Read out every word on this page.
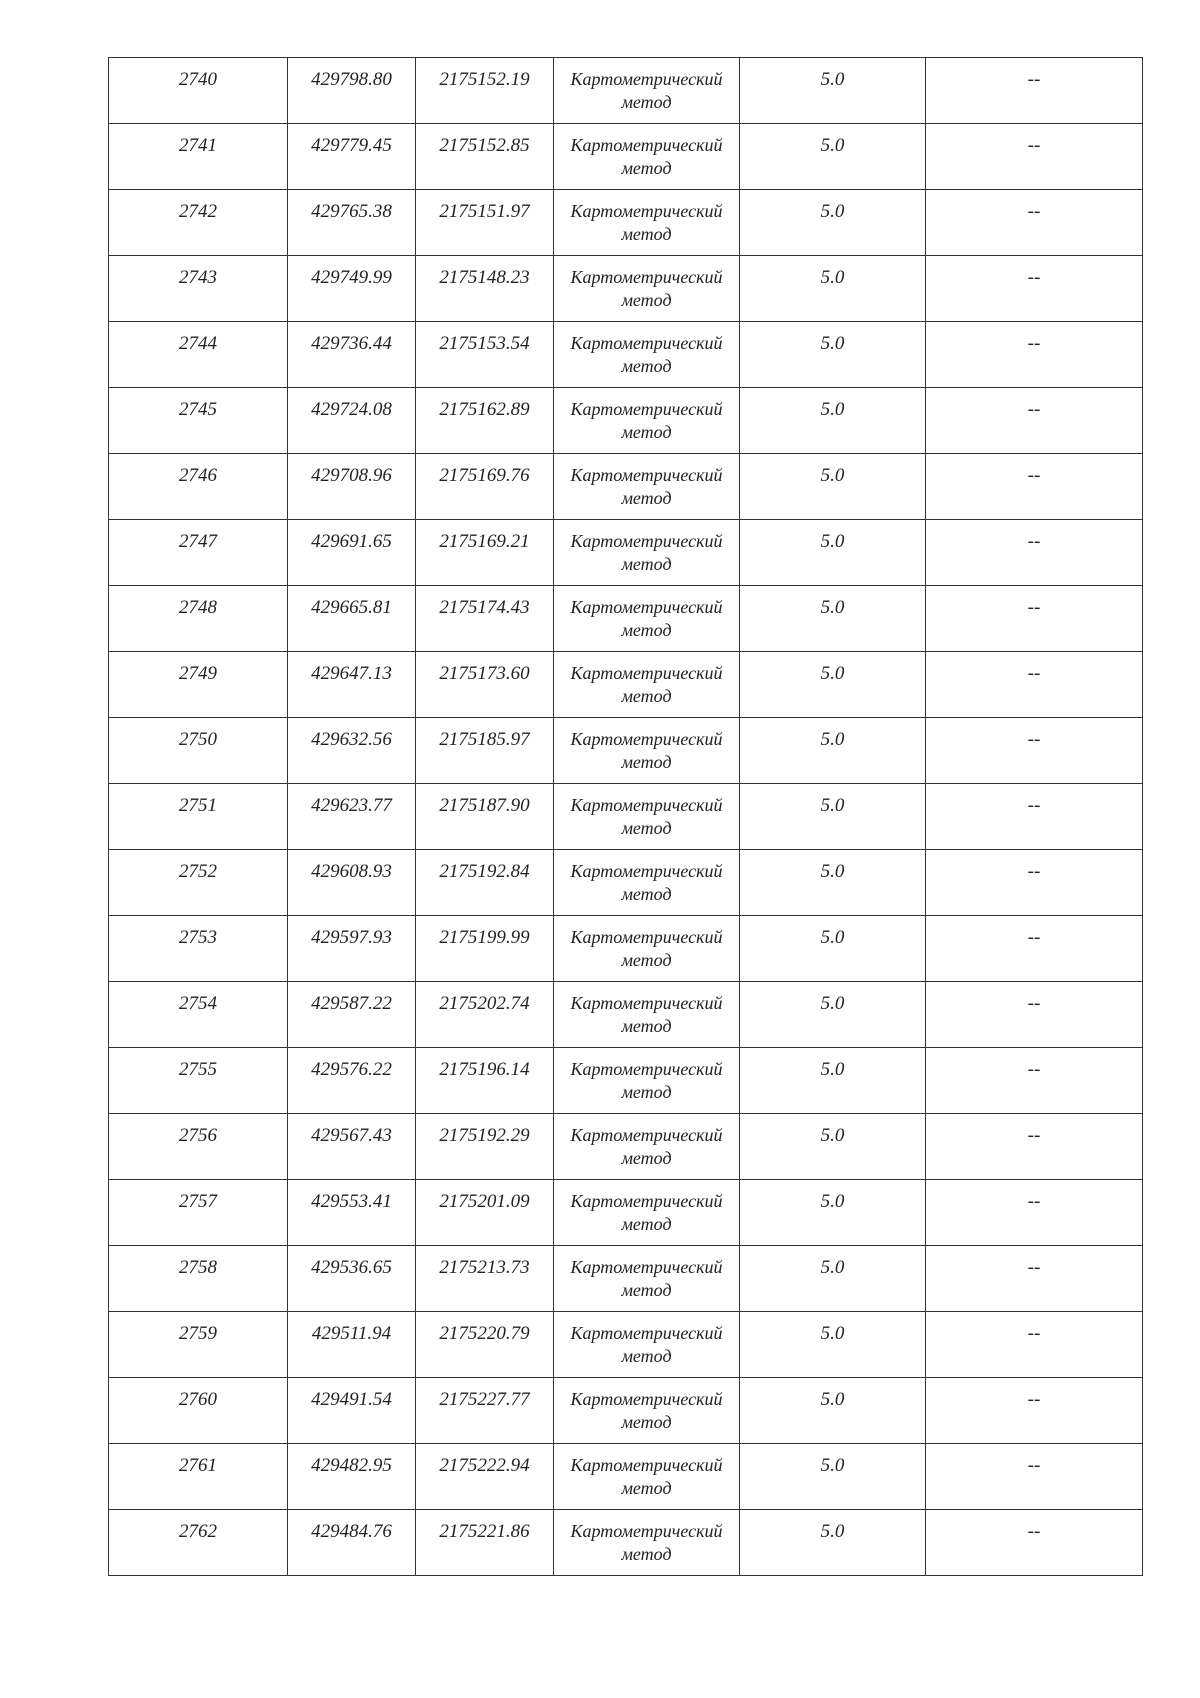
2740	429798.80	2175152.19	Картометрический метод	5.0	--
2741	429779.45	2175152.85	Картометрический метод	5.0	--
2742	429765.38	2175151.97	Картометрический метод	5.0	--
2743	429749.99	2175148.23	Картометрический метод	5.0	--
2744	429736.44	2175153.54	Картометрический метод	5.0	--
2745	429724.08	2175162.89	Картометрический метод	5.0	--
2746	429708.96	2175169.76	Картометрический метод	5.0	--
2747	429691.65	2175169.21	Картометрический метод	5.0	--
2748	429665.81	2175174.43	Картометрический метод	5.0	--
2749	429647.13	2175173.60	Картометрический метод	5.0	--
2750	429632.56	2175185.97	Картометрический метод	5.0	--
2751	429623.77	2175187.90	Картометрический метод	5.0	--
2752	429608.93	2175192.84	Картометрический метод	5.0	--
2753	429597.93	2175199.99	Картометрический метод	5.0	--
2754	429587.22	2175202.74	Картометрический метод	5.0	--
2755	429576.22	2175196.14	Картометрический метод	5.0	--
2756	429567.43	2175192.29	Картометрический метод	5.0	--
2757	429553.41	2175201.09	Картометрический метод	5.0	--
2758	429536.65	2175213.73	Картометрический метод	5.0	--
2759	429511.94	2175220.79	Картометрический метод	5.0	--
2760	429491.54	2175227.77	Картометрический метод	5.0	--
2761	429482.95	2175222.94	Картометрический метод	5.0	--
2762	429484.76	2175221.86	Картометрический метод	5.0	--
